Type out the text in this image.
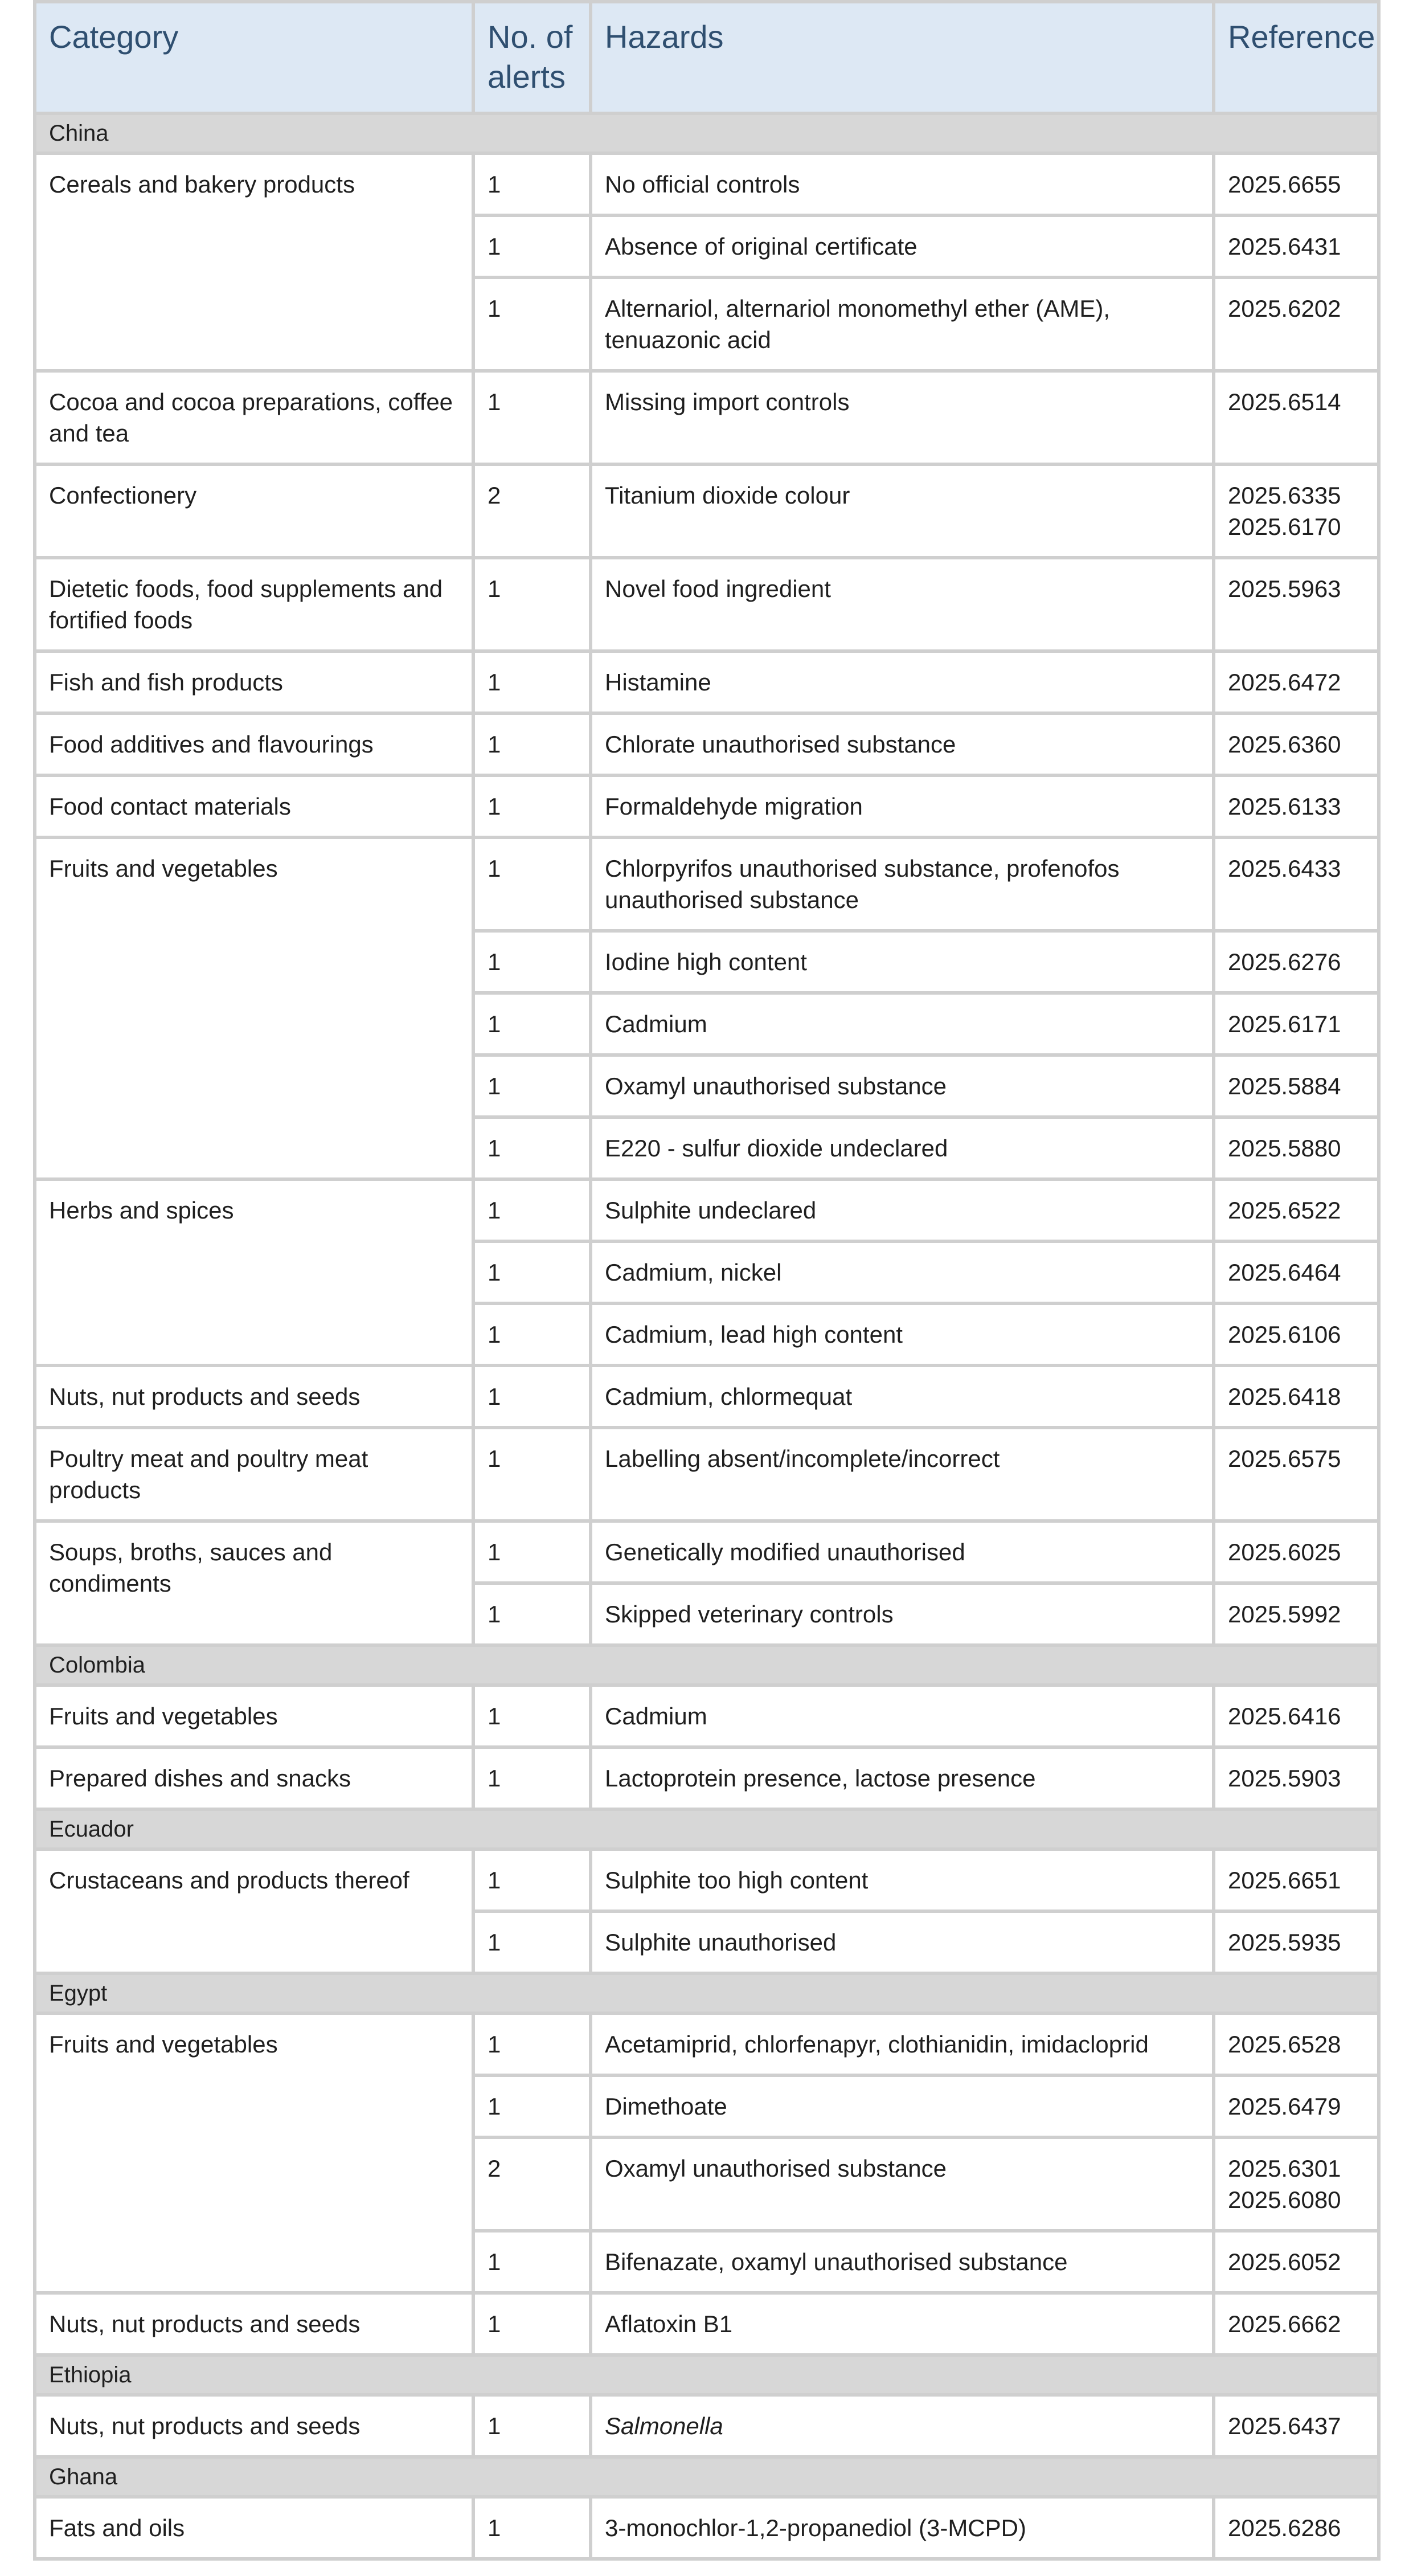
Category	No. of alerts	Hazards	Reference
China			
Cereals and bakery products	1	No official controls	2025.6655

	1	Absence of original certificate	2025.6431

	1	Alternariol, alternariol monomethyl ether (AME), tenuazonic acid	2025.6202

Cocoa and cocoa preparations, coffee and tea	1	Missing import controls	2025.6514

Confectionery	2	Titanium dioxide colour	2025.6335
2025.6170

Dietetic foods, food supplements and fortified foods	1	Novel food ingredient	2025.5963

Fish and fish products	1	Histamine	2025.6472

Food additives and flavourings	1	Chlorate unauthorised substance	2025.6360

Food contact materials	1	Formaldehyde migration	2025.6133

Fruits and vegetables	1	Chlorpyrifos unauthorised substance, profenofos unauthorised substance	2025.6433

	1	Iodine high content	2025.6276

	1	Cadmium	2025.6171

	1	Oxamyl unauthorised substance	2025.5884

	1	E220 - sulfur dioxide undeclared	2025.5880

Herbs and spices	1	Sulphite undeclared	2025.6522

	1	Cadmium, nickel	2025.6464

	1	Cadmium, lead high content	2025.6106

Nuts, nut products and seeds	1	Cadmium, chlormequat	2025.6418

Poultry meat and poultry meat products	1	Labelling absent/incomplete/incorrect	2025.6575

Soups, broths, sauces and condiments	1	Genetically modified unauthorised	2025.6025

	1	Skipped veterinary controls	2025.5992

Colombia			
Fruits and vegetables	1	Cadmium	2025.6416

Prepared dishes and snacks	1	Lactoprotein presence, lactose presence	2025.5903

Ecuador			
Crustaceans and products thereof	1	Sulphite too high content	2025.6651

	1	Sulphite unauthorised	2025.5935

Egypt			
Fruits and vegetables	1	Acetamiprid, chlorfenapyr, clothianidin, imidacloprid	2025.6528

	1	Dimethoate	2025.6479

	2	Oxamyl unauthorised substance	2025.6301
2025.6080

	1	Bifenazate, oxamyl unauthorised substance	2025.6052

Nuts, nut products and seeds	1	Aflatoxin B1	2025.6662

Ethiopia			
Nuts, nut products and seeds	1	Salmonella	2025.6437

Ghana			
Fats and oils	1	3-monochlor-1,2-propanediol (3-MCPD)	2025.6286
